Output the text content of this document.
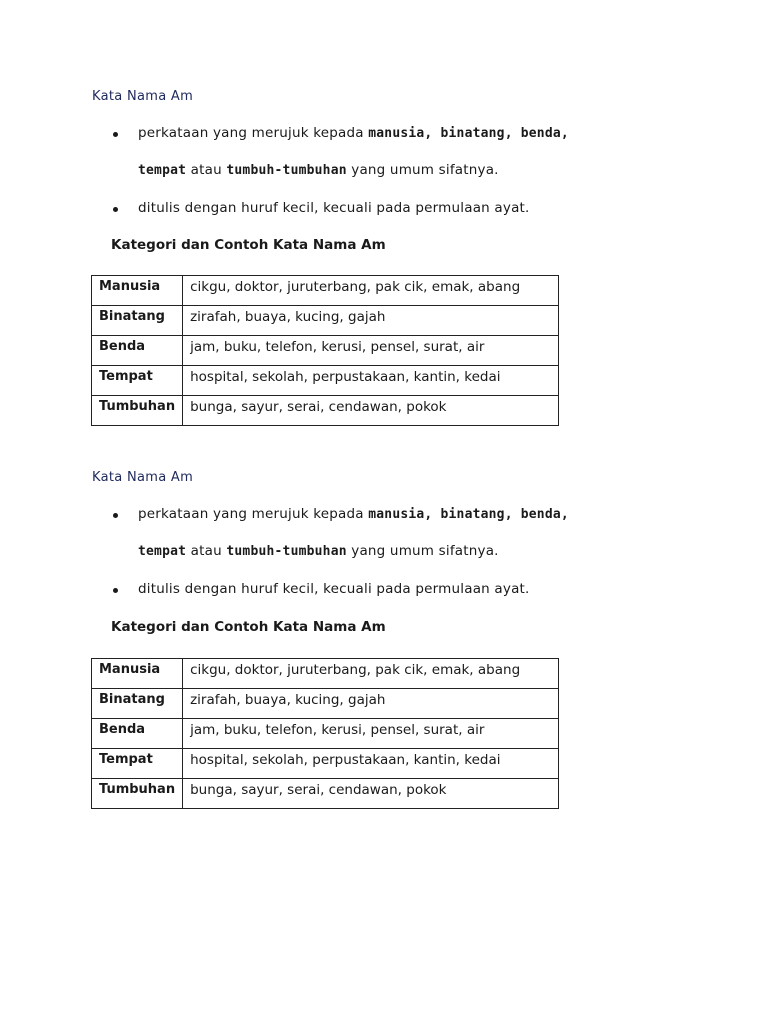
Kata Nama Am
perkataan yang merujuk kepada manusia, binatang, benda,
tempat atau tumbuh-tumbuhan yang umum sifatnya.
ditulis dengan huruf kecil, kecuali pada permulaan ayat.
Kategori dan Contoh Kata Nama Am
Manusia	cikgu, doktor, juruterbang, pak cik, emak, abang
Binatang	zirafah, buaya, kucing, gajah
Benda	jam, buku, telefon, kerusi, pensel, surat, air
Tempat	hospital, sekolah, perpustakaan, kantin, kedai
Tumbuhan	bunga, sayur, serai, cendawan, pokok
Kata Nama Am
perkataan yang merujuk kepada manusia, binatang, benda,
tempat atau tumbuh-tumbuhan yang umum sifatnya.
ditulis dengan huruf kecil, kecuali pada permulaan ayat.
Kategori dan Contoh Kata Nama Am
Manusia	cikgu, doktor, juruterbang, pak cik, emak, abang
Binatang	zirafah, buaya, kucing, gajah
Benda	jam, buku, telefon, kerusi, pensel, surat, air
Tempat	hospital, sekolah, perpustakaan, kantin, kedai
Tumbuhan	bunga, sayur, serai, cendawan, pokok
